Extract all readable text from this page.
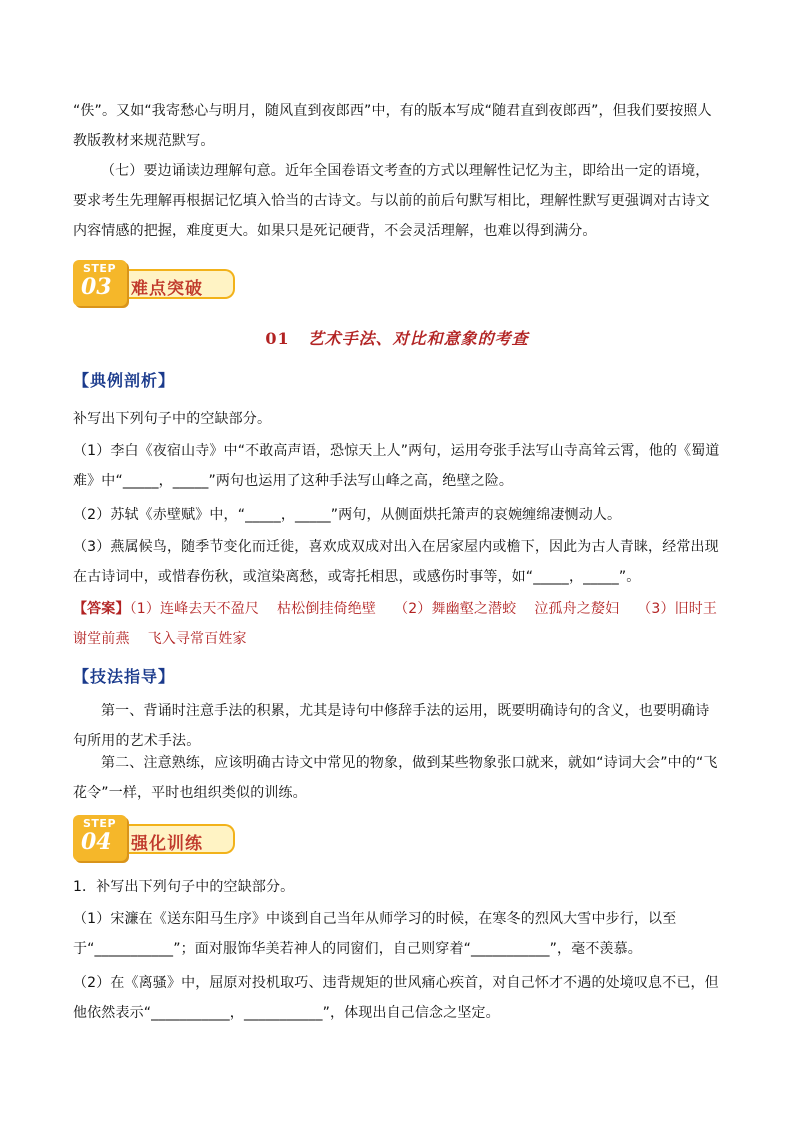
“佚”。又如“我寄愁心与明月，随风直到夜郎西”中，有的版本写成“随君直到夜郎西”，但我们要按照人教版教材来规范默写。
（七）要边诵读边理解句意。近年全国卷语文考查的方式以理解性记忆为主，即给出一定的语境，要求考生先理解再根据记忆填入恰当的古诗文。与以前的前后句默写相比，理解性默写更强调对古诗文内容情感的把握，难度更大。如果只是死记硬背，不会灵活理解，也难以得到满分。
难点突破
STEP
03
01 艺术手法、对比和意象的考查
【典例剖析】
补写出下列句子中的空缺部分。
（1）李白《夜宿山寺》中“不敢高声语，恐惊天上人”两句，运用夸张手法写山寺高耸云霄，他的《蜀道难》中“_____，_____”两句也运用了这种手法写山峰之高，绝壁之险。
（2）苏轼《赤壁赋》中，“_____，_____”两句，从侧面烘托箫声的哀婉缠绵凄恻动人。
（3）燕属候鸟，随季节变化而迁徙，喜欢成双成对出入在居家屋内或檐下，因此为古人青睐，经常出现在古诗词中，或惜春伤秋，或渲染离愁，或寄托相思，或感伤时事等，如“_____，_____”。
【答案】（1）连峰去天不盈尺 枯松倒挂倚绝壁 （2）舞幽壑之潜蛟 泣孤舟之嫠妇 （3）旧时王谢堂前燕 飞入寻常百姓家
【技法指导】
第一、背诵时注意手法的积累，尤其是诗句中修辞手法的运用，既要明确诗句的含义，也要明确诗句所用的艺术手法。
第二、注意熟练，应该明确古诗文中常见的物象，做到某些物象张口就来，就如“诗词大会”中的“飞花令”一样，平时也组织类似的训练。
强化训练
STEP
04
1．补写出下列句子中的空缺部分。
（1）宋濂在《送东阳马生序》中谈到自己当年从师学习的时候，在寒冬的烈风大雪中步行，以至于“___________”；面对服饰华美若神人的同窗们，自己则穿着“___________”，毫不羡慕。
（2）在《离骚》中，屈原对投机取巧、违背规矩的世风痛心疾首，对自己怀才不遇的处境叹息不已，但他依然表示“___________，___________”，体现出自己信念之坚定。
